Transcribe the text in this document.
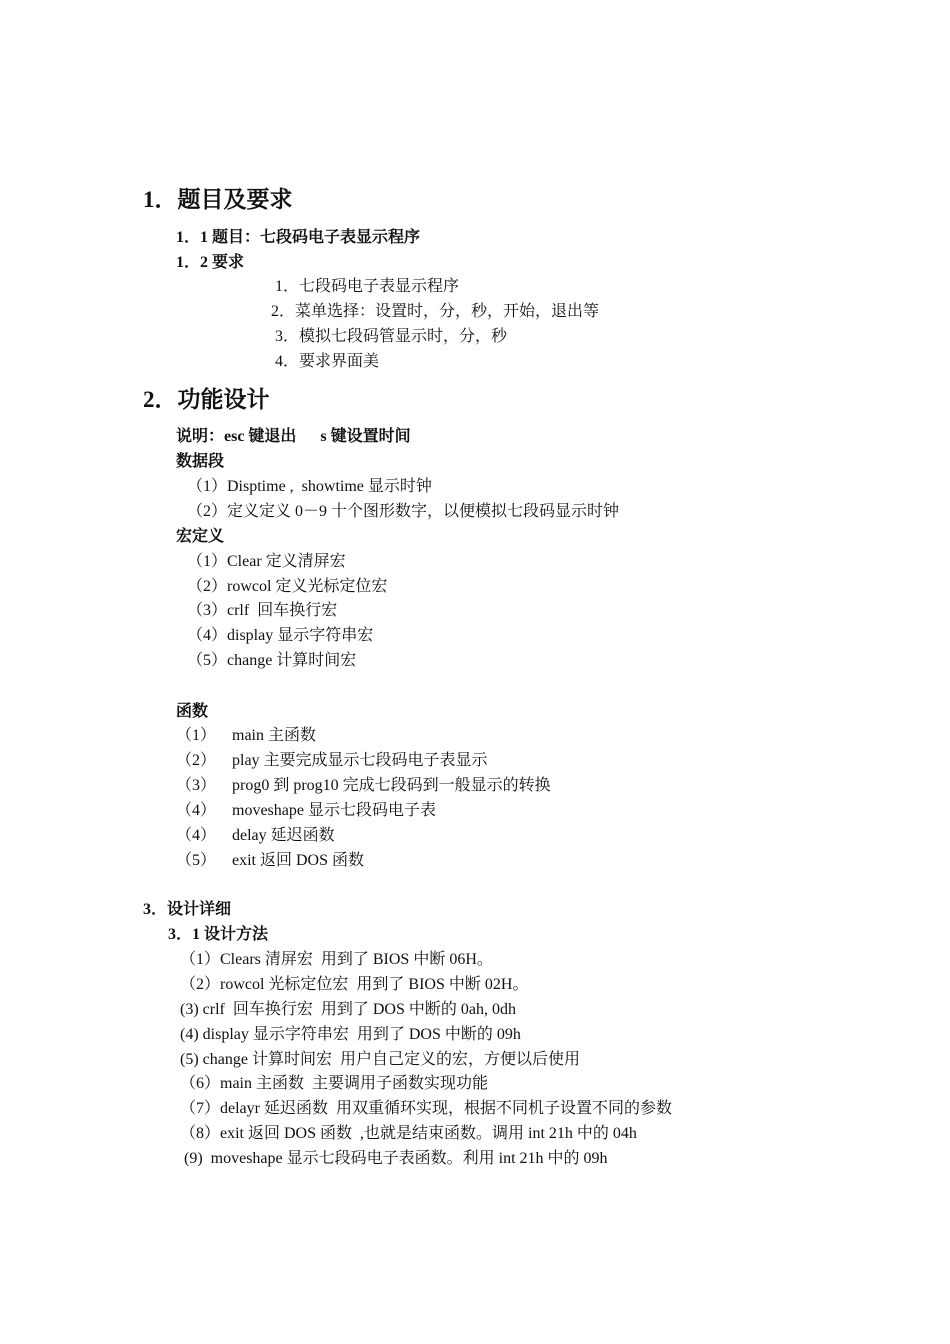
1．题目及要求
1．1 题目：七段码电子表显示程序
1．2 要求
1．七段码电子表显示程序
2．菜单选择：设置时，分，秒，开始，退出等
3．模拟七段码管显示时，分，秒
4．要求界面美
2．功能设计
说明：esc 键退出      s 键设置时间
数据段
（1）Disptime ,  showtime 显示时钟
（2）定义定义 0－9 十个图形数字，以便模拟七段码显示时钟
宏定义
（1）Clear 定义清屏宏
（2）rowcol 定义光标定位宏
（3）crlf  回车换行宏
（4）display 显示字符串宏
（5）change 计算时间宏
函数
（1）    main 主函数
（2）    play 主要完成显示七段码电子表显示
（3）    prog0 到 prog10 完成七段码到一般显示的转换
（4）    moveshape 显示七段码电子表
（4）    delay 延迟函数
（5）    exit 返回 DOS 函数
3．设计详细
3．1 设计方法
（1）Clears 清屏宏  用到了 BIOS 中断 06H。
（2）rowcol 光标定位宏  用到了 BIOS 中断 02H。
(3) crlf  回车换行宏  用到了 DOS 中断的 0ah, 0dh
(4) display 显示字符串宏  用到了 DOS 中断的 09h
(5) change 计算时间宏  用户自己定义的宏，方便以后使用
（6）main 主函数  主要调用子函数实现功能
（7）delayr 延迟函数  用双重循环实现，根据不同机子设置不同的参数
（8）exit 返回 DOS 函数  ,也就是结束函数。调用 int 21h 中的 04h
(9)  moveshape 显示七段码电子表函数。利用 int 21h 中的 09h
